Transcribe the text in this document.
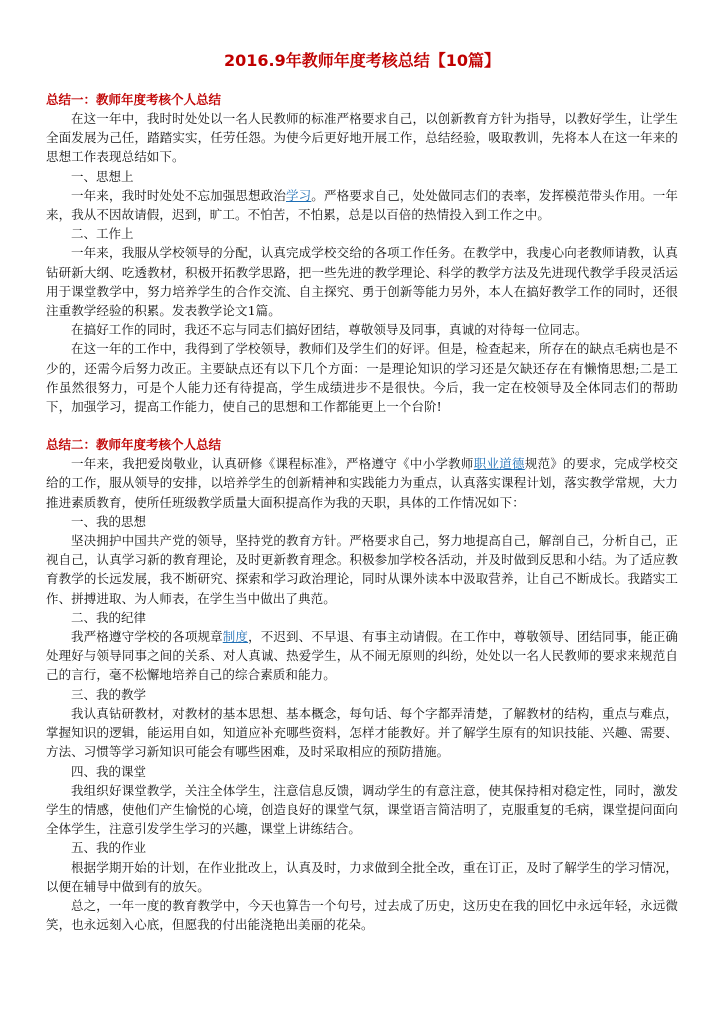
2016.9年教师年度考核总结【10篇】

总结一：教师年度考核个人总结

在这一年中，我时时处处以一名人民教师的标准严格要求自己，以创新教育方针为指导，以教好学生，让学生全面发展为己任，踏踏实实，任劳任怨。为使今后更好地开展工作，总结经验，吸取教训，先将本人在这一年来的思想工作表现总结如下。

一、思想上

一年来，我时时处处不忘加强思想政治学习。严格要求自己，处处做同志们的表率，发挥模范带头作用。一年来，我从不因故请假，迟到，旷工。不怕苦，不怕累，总是以百倍的热情投入到工作之中。

二、工作上

一年来，我服从学校领导的分配，认真完成学校交给的各项工作任务。在教学中，我虔心向老教师请教，认真钻研新大纲、吃透教材，积极开拓教学思路，把一些先进的教学理论、科学的教学方法及先进现代教学手段灵活运用于课堂教学中，努力培养学生的合作交流、自主探究、勇于创新等能力另外，本人在搞好教学工作的同时，还很注重教学经验的积累。发表教学论文1篇。

在搞好工作的同时，我还不忘与同志们搞好团结，尊敬领导及同事，真诚的对待每一位同志。

在这一年的工作中，我得到了学校领导，教师们及学生们的好评。但是，检查起来，所存在的缺点毛病也是不少的，还需今后努力改正。主要缺点还有以下几个方面：一是理论知识的学习还是欠缺还存在有懒惰思想;二是工作虽然很努力，可是个人能力还有待提高，学生成绩进步不是很快。今后，我一定在校领导及全体同志们的帮助下，加强学习，提高工作能力，使自己的思想和工作都能更上一个台阶!

总结二：教师年度考核个人总结

一年来，我把爱岗敬业，认真研修《课程标准》，严格遵守《中小学教师职业道德规范》的要求，完成学校交给的工作，服从领导的安排，以培养学生的创新精神和实践能力为重点，认真落实课程计划，落实教学常规，大力推进素质教育，使所任班级教学质量大面积提高作为我的天职，具体的工作情况如下：

一、我的思想

坚决拥护中国共产党的领导，坚持党的教育方针。严格要求自己，努力地提高自己，解剖自己，分析自己，正视自己，认真学习新的教育理论，及时更新教育理念。积极参加学校各活动，并及时做到反思和小结。为了适应教育教学的长远发展，我不断研究、探索和学习政治理论，同时从课外读本中汲取营养，让自己不断成长。我踏实工作、拼搏进取、为人师表，在学生当中做出了典范。

二、我的纪律

我严格遵守学校的各项规章制度，不迟到、不早退、有事主动请假。在工作中，尊敬领导、团结同事，能正确处理好与领导同事之间的关系、对人真诚、热爱学生，从不闹无原则的纠纷，处处以一名人民教师的要求来规范自己的言行，毫不松懈地培养自己的综合素质和能力。

三、我的教学

我认真钻研教材，对教材的基本思想、基本概念，每句话、每个字都弄清楚，了解教材的结构，重点与难点，掌握知识的逻辑，能运用自如，知道应补充哪些资料，怎样才能教好。并了解学生原有的知识技能、兴趣、需要、方法、习惯等学习新知识可能会有哪些困难，及时采取相应的预防措施。

四、我的课堂

我组织好课堂教学，关注全体学生，注意信息反馈，调动学生的有意注意，使其保持相对稳定性，同时，激发学生的情感，使他们产生愉悦的心境，创造良好的课堂气氛，课堂语言简洁明了，克服重复的毛病，课堂提问面向全体学生，注意引发学生学习的兴趣，课堂上讲练结合。

五、我的作业

根据学期开始的计划，在作业批改上，认真及时，力求做到全批全改，重在订正，及时了解学生的学习情况，以便在辅导中做到有的放矢。

总之，一年一度的教育教学中，今天也算告一个句号，过去成了历史，这历史在我的回忆中永远年轻，永远微笑，也永远刻入心底，但愿我的付出能浇艳出美丽的花朵。
